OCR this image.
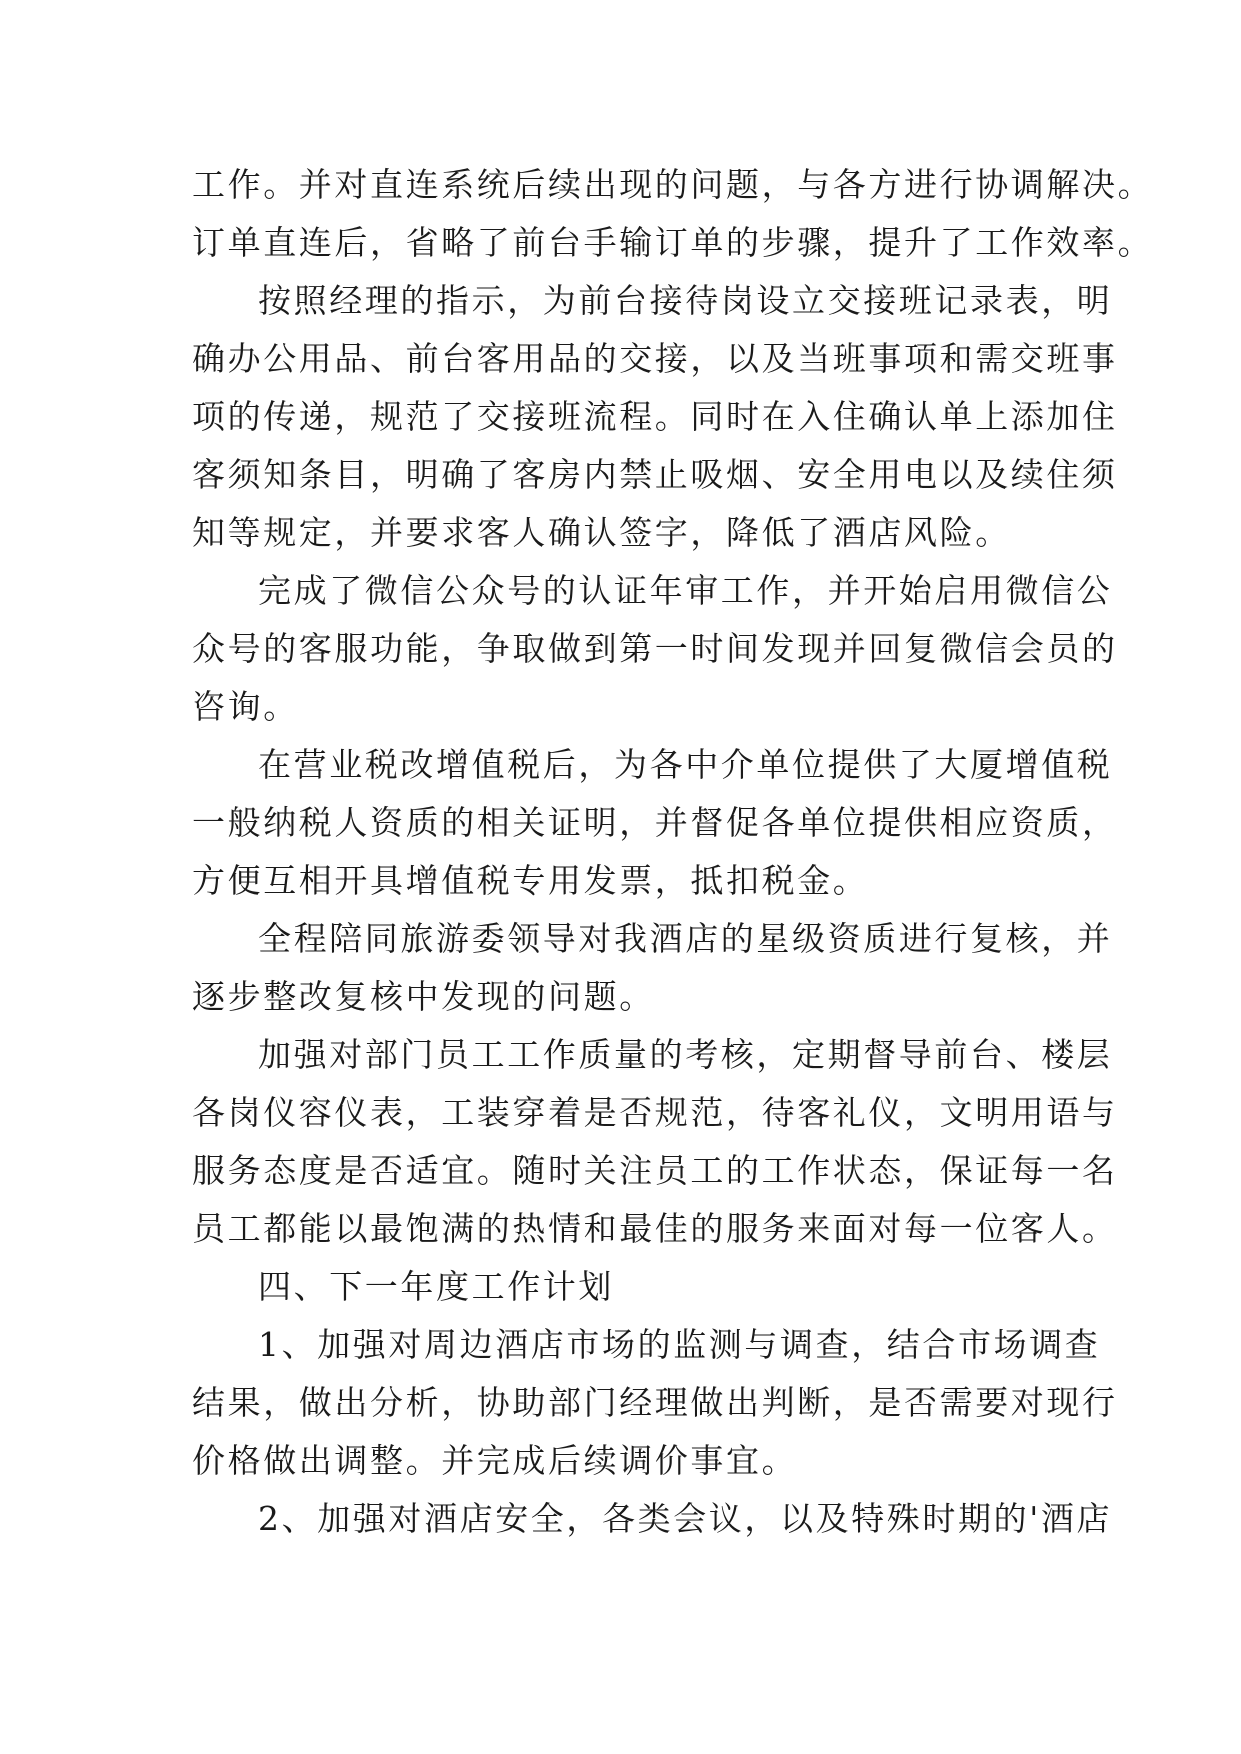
工作。并对直连系统后续出现的问题，与各方进行协调解决。

订单直连后，省略了前台手输订单的步骤，提升了工作效率。

按照经理的指示，为前台接待岗设立交接班记录表，明

确办公用品、前台客用品的交接，以及当班事项和需交班事

项的传递，规范了交接班流程。同时在入住确认单上添加住

客须知条目，明确了客房内禁止吸烟、安全用电以及续住须

知等规定，并要求客人确认签字，降低了酒店风险。

完成了微信公众号的认证年审工作，并开始启用微信公

众号的客服功能，争取做到第一时间发现并回复微信会员的

咨询。

在营业税改增值税后，为各中介单位提供了大厦增值税

一般纳税人资质的相关证明，并督促各单位提供相应资质，

方便互相开具增值税专用发票，抵扣税金。

全程陪同旅游委领导对我酒店的星级资质进行复核，并

逐步整改复核中发现的问题。

加强对部门员工工作质量的考核，定期督导前台、楼层

各岗仪容仪表，工装穿着是否规范，待客礼仪，文明用语与

服务态度是否适宜。随时关注员工的工作状态，保证每一名

员工都能以最饱满的热情和最佳的服务来面对每一位客人。

四、下一年度工作计划

1、加强对周边酒店市场的监测与调查，结合市场调查

结果，做出分析，协助部门经理做出判断，是否需要对现行

价格做出调整。并完成后续调价事宜。

2、加强对酒店安全，各类会议，以及特殊时期的'酒店
